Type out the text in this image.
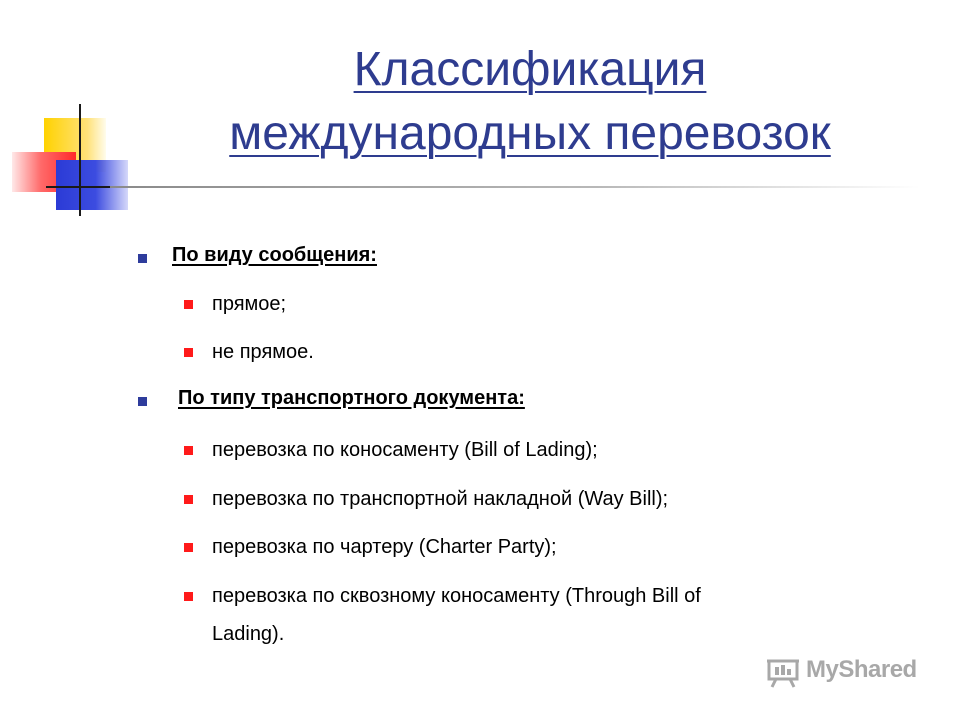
Классификация
международных перевозок
По виду сообщения:
прямое;
не прямое.
По типу транспортного документа:
перевозка по коносаменту (Bill of Lading);
перевозка по транспортной накладной (Way Bill);
перевозка по чартеру (Charter Party);
перевозка по сквозному коносаменту (Through Bill of
Lading).
MyShared
